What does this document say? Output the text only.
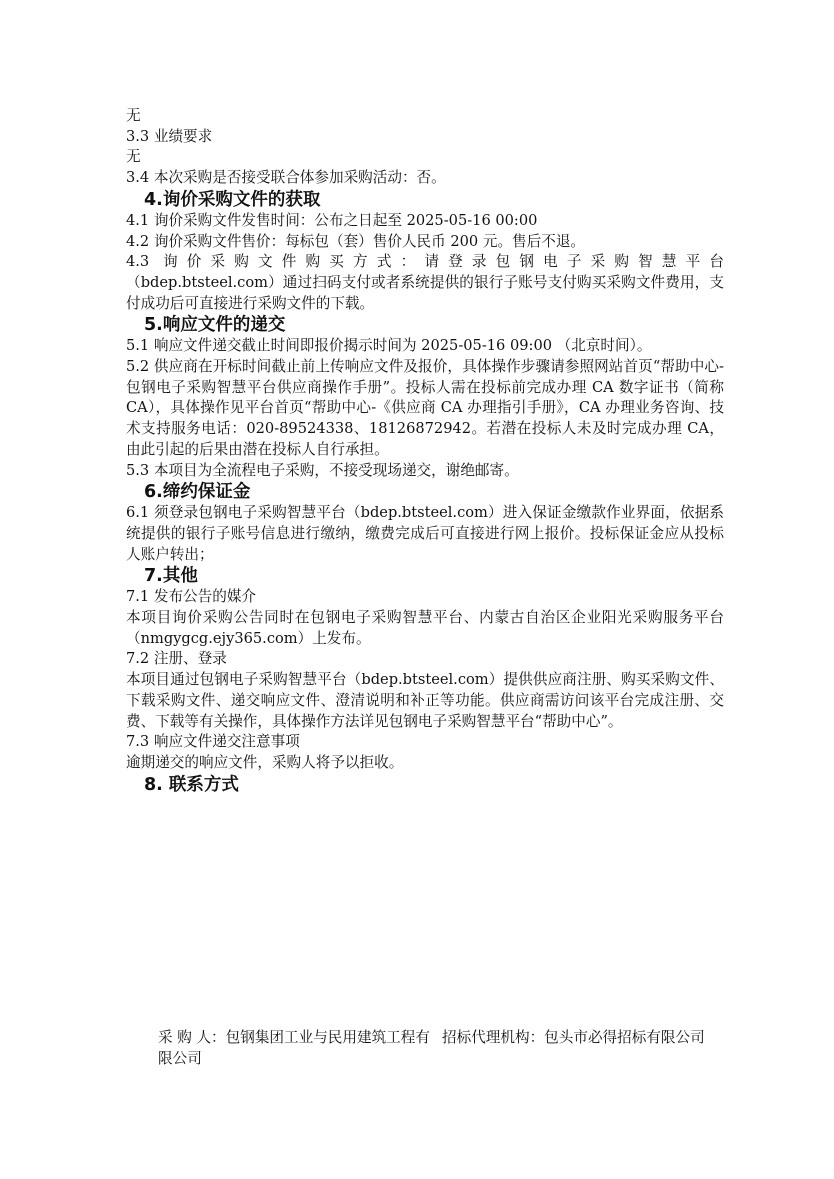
无

3.3 业绩要求

无

3.4 本次采购是否接受联合体参加采购活动：否。

4.询价采购文件的获取

4.1 询价采购文件发售时间：公布之日起至 2025-05-16 00:00

4.2 询价采购文件售价：每标包（套）售价人民币 200 元。售后不退。

4.3 询价采购文件购买方式：请登录包钢电子采购智慧平台

（bdep.btsteel.com）通过扫码支付或者系统提供的银行子账号支付购买采购文件费用，支付成功后可直接进行采购文件的下载。

5.响应文件的递交

5.1 响应文件递交截止时间即报价揭示时间为 2025-05-16 09:00 （北京时间）。

5.2 供应商在开标时间截止前上传响应文件及报价，具体操作步骤请参照网站首页“帮助中心-包钢电子采购智慧平台供应商操作手册”。投标人需在投标前完成办理 CA 数字证书（简称 CA），具体操作见平台首页“帮助中心-《供应商 CA 办理指引手册》，CA 办理业务咨询、技术支持服务电话：020-89524338、18126872942。若潜在投标人未及时完成办理 CA，由此引起的后果由潜在投标人自行承担。

5.3 本项目为全流程电子采购，不接受现场递交，谢绝邮寄。

6.缔约保证金

6.1 须登录包钢电子采购智慧平台（bdep.btsteel.com）进入保证金缴款作业界面，依据系统提供的银行子账号信息进行缴纳，缴费完成后可直接进行网上报价。投标保证金应从投标人账户转出；

7.其他

7.1 发布公告的媒介

本项目询价采购公告同时在包钢电子采购智慧平台、内蒙古自治区企业阳光采购服务平台（nmgygcg.ejy365.com）上发布。

7.2 注册、登录

本项目通过包钢电子采购智慧平台（bdep.btsteel.com）提供供应商注册、购买采购文件、下载采购文件、递交响应文件、澄清说明和补正等功能。供应商需访问该平台完成注册、交费、下载等有关操作，具体操作方法详见包钢电子采购智慧平台“帮助中心”。

7.3 响应文件递交注意事项

逾期递交的响应文件，采购人将予以拒收。

8. 联系方式

采 购 人：包钢集团工业与民用建筑工程有限公司
招标代理机构：包头市必得招标有限公司
